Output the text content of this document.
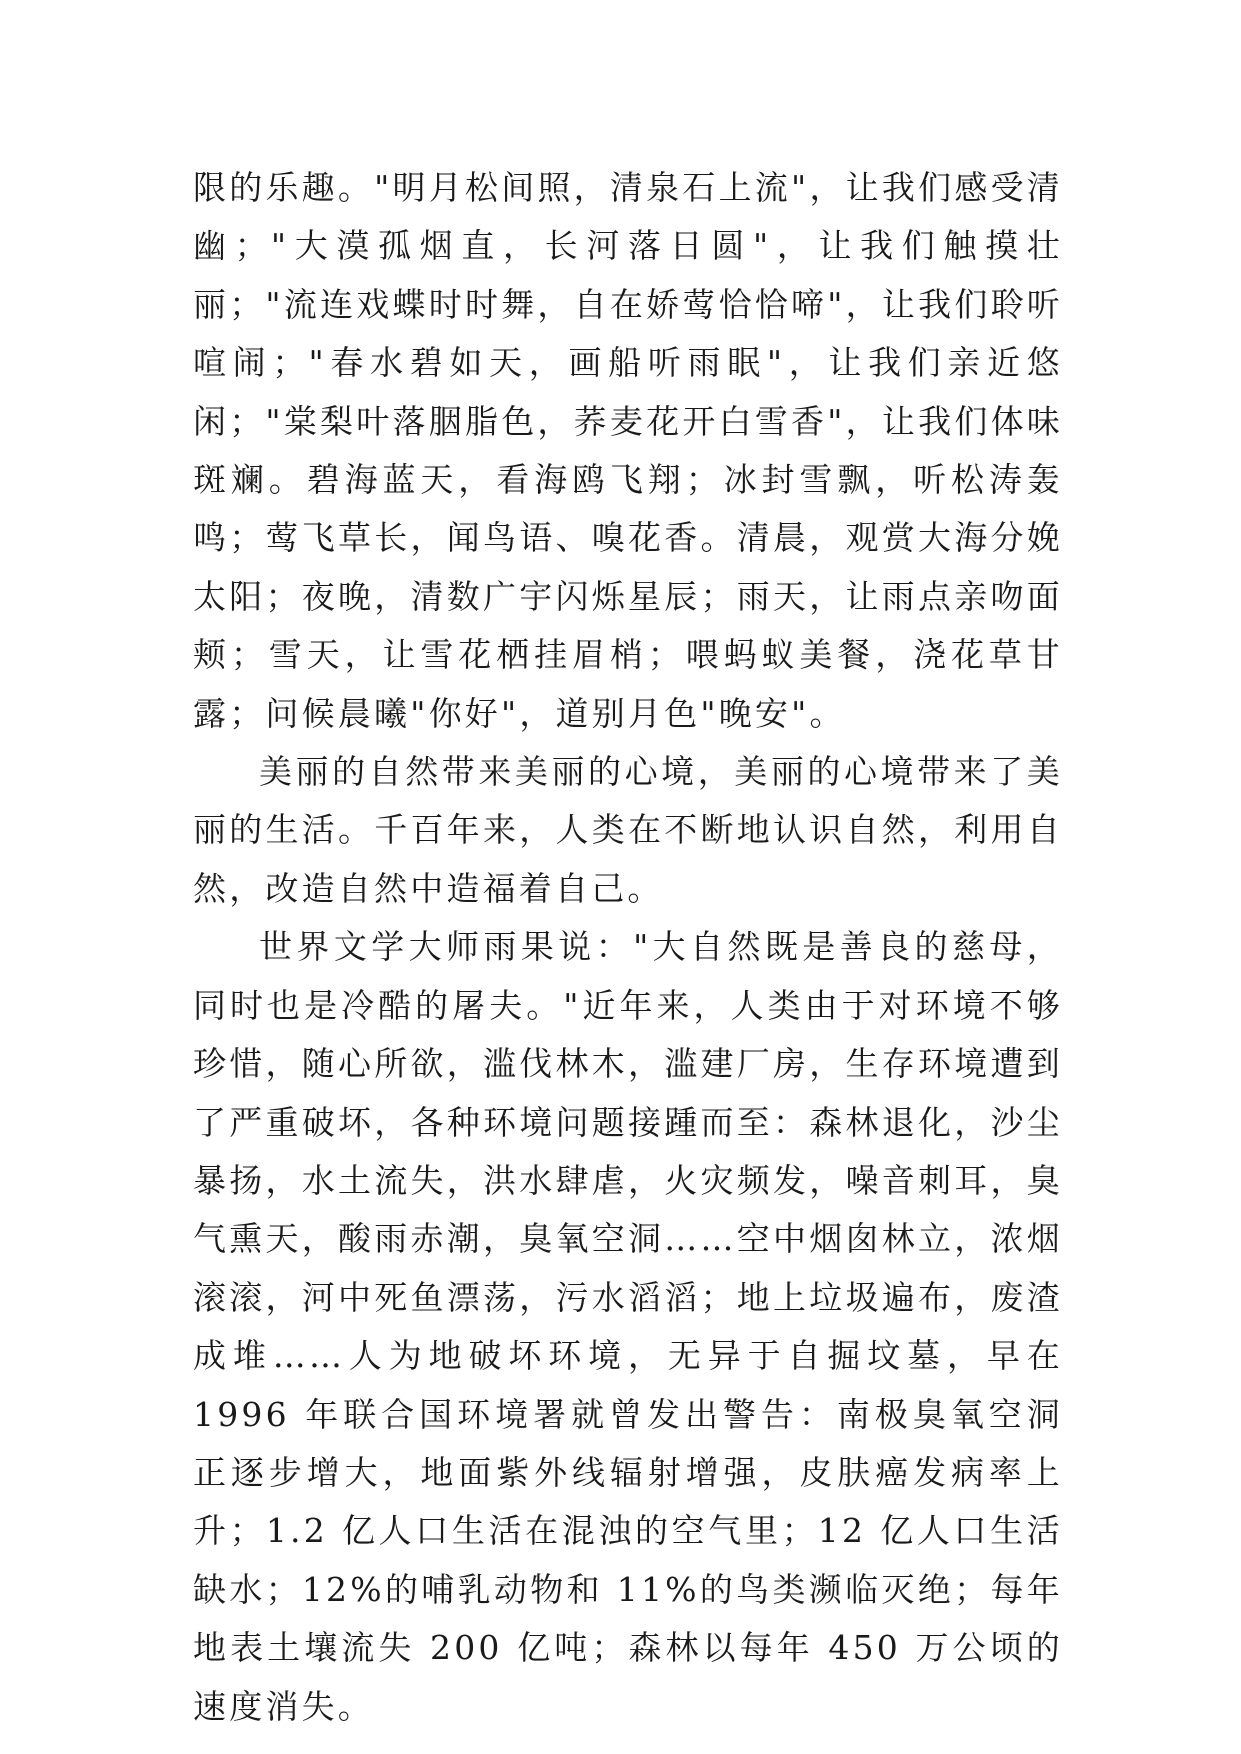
限的乐趣。"明月松间照，清泉石上流"，让我们感受清幽；"大漠孤烟直，长河落日圆"，让我们触摸壮丽；"流连戏蝶时时舞，自在娇莺恰恰啼"，让我们聆听喧闹；"春水碧如天，画船听雨眠"，让我们亲近悠闲；"棠梨叶落胭脂色，荞麦花开白雪香"，让我们体味斑斓。碧海蓝天，看海鸥飞翔；冰封雪飘，听松涛轰鸣；莺飞草长，闻鸟语、嗅花香。清晨，观赏大海分娩太阳；夜晚，清数广宇闪烁星辰；雨天，让雨点亲吻面颊；雪天，让雪花栖挂眉梢；喂蚂蚁美餐，浇花草甘露；问候晨曦"你好"，道别月色"晚安"。

美丽的自然带来美丽的心境，美丽的心境带来了美丽的生活。千百年来，人类在不断地认识自然，利用自然，改造自然中造福着自己。

世界文学大师雨果说："大自然既是善良的慈母，同时也是冷酷的屠夫。"近年来，人类由于对环境不够珍惜，随心所欲，滥伐林木，滥建厂房，生存环境遭到了严重破坏，各种环境问题接踵而至：森林退化，沙尘暴扬，水土流失，洪水肆虐，火灾频发，噪音刺耳，臭气熏天，酸雨赤潮，臭氧空洞……空中烟囱林立，浓烟滚滚，河中死鱼漂荡，污水滔滔；地上垃圾遍布，废渣成堆……人为地破坏环境，无异于自掘坟墓，早在 1996 年联合国环境署就曾发出警告：南极臭氧空洞正逐步增大，地面紫外线辐射增强，皮肤癌发病率上升；1.2 亿人口生活在混浊的空气里；12 亿人口生活缺水；12%的哺乳动物和 11%的鸟类濒临灭绝；每年地表土壤流失 200 亿吨；森林以每年 450 万公顷的速度消失。
